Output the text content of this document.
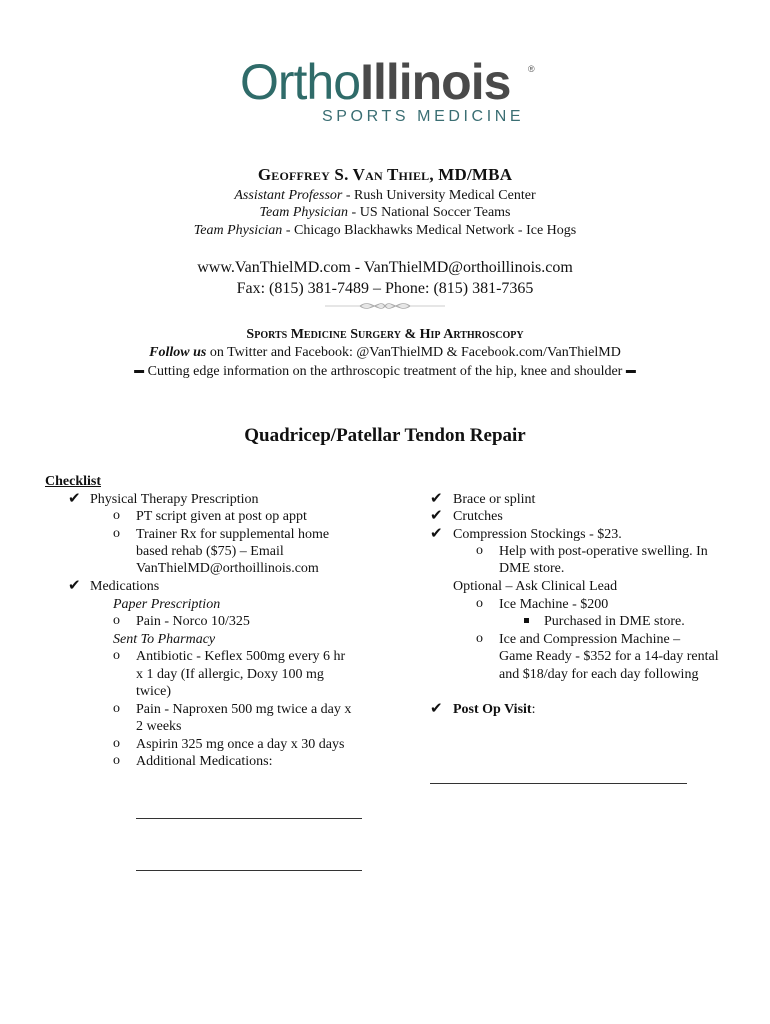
OrthoIllinois ®
SPORTS MEDICINE
Geoffrey S. Van Thiel, MD/MBA
Assistant Professor - Rush University Medical Center
Team Physician - US National Soccer Teams
Team Physician - Chicago Blackhawks Medical Network - Ice Hogs
www.VanThielMD.com - VanThielMD@orthoillinois.com
Fax: (815) 381-7489 – Phone: (815) 381-7365
Sports Medicine Surgery & Hip Arthroscopy
Follow us on Twitter and Facebook: @VanThielMD & Facebook.com/VanThielMD
▬ Cutting edge information on the arthroscopic treatment of the hip, knee and shoulder ▬
Quadricep/Patellar Tendon Repair
Checklist
✔ Physical Therapy Prescription
o PT script given at post op appt
o Trainer Rx for supplemental home
based rehab ($75) – Email
VanThielMD@orthoillinois.com
✔ Medications
Paper Prescription
o Pain - Norco 10/325
Sent To Pharmacy
o Antibiotic - Keflex 500mg every 6 hr
x 1 day (If allergic, Doxy 100 mg
twice)
o Pain - Naproxen 500 mg twice a day x
2 weeks
o Aspirin 325 mg once a day x 30 days
o Additional Medications:
✔ Brace or splint
✔ Crutches
✔ Compression Stockings - $23.
o Help with post-operative swelling. In
DME store.
Optional – Ask Clinical Lead
o Ice Machine - $200
Purchased in DME store.
o Ice and Compression Machine –
Game Ready - $352 for a 14-day rental
and $18/day for each day following
✔ Post Op Visit:
